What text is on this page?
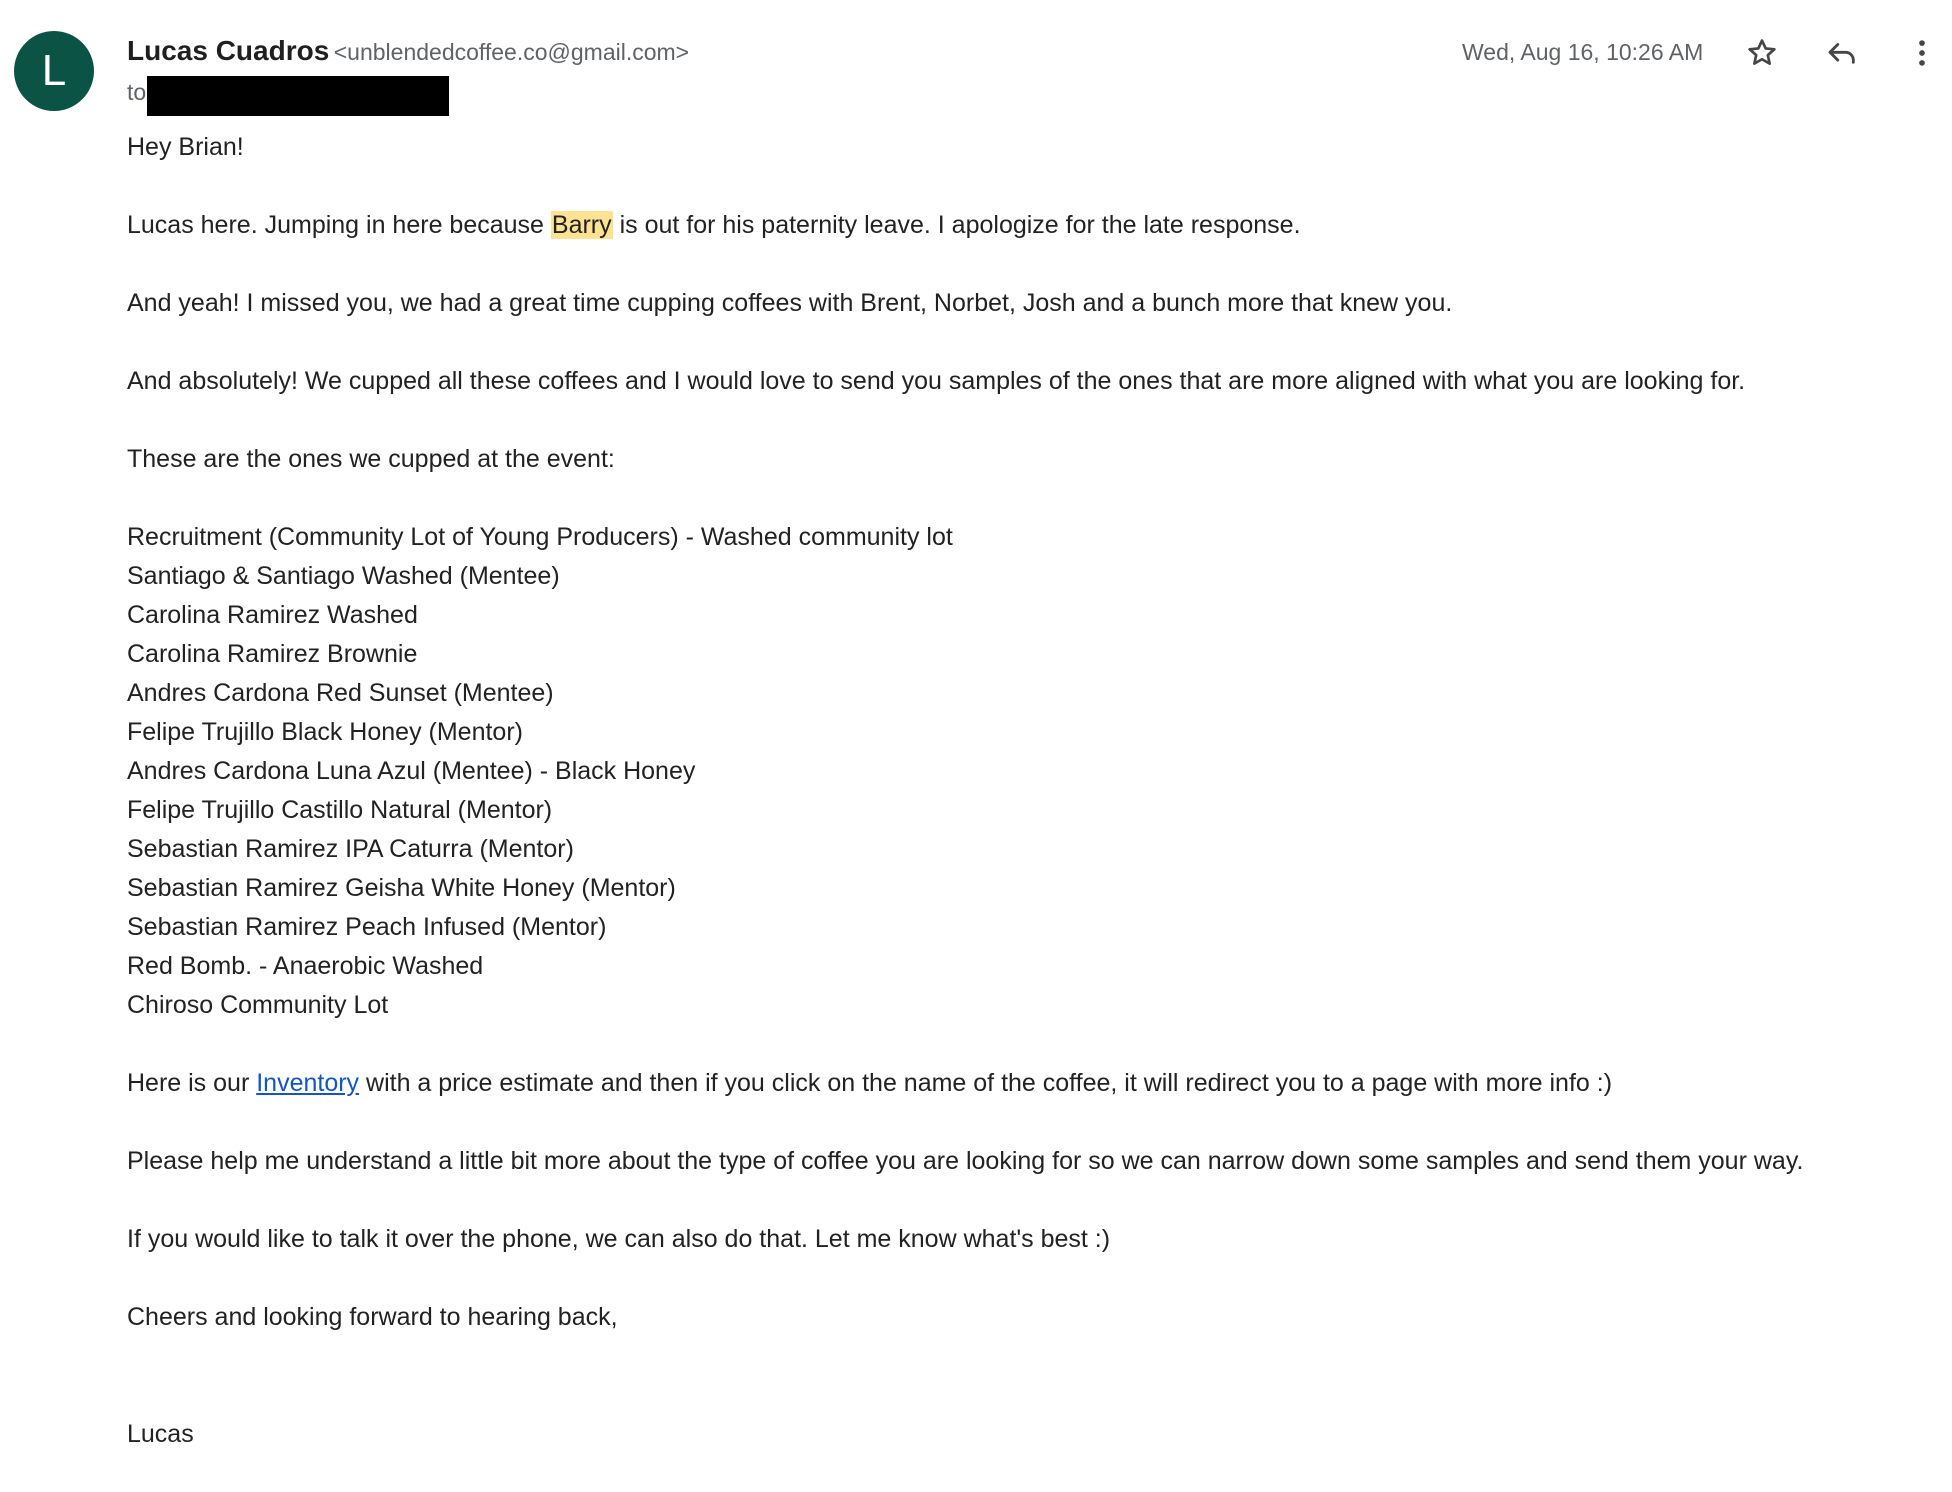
L	Lucas Cuadros <unblendedcoffee.co@gmail.com>
to
Wed, Aug 16, 10:26 AM

Hey Brian!

Lucas here. Jumping in here because Barry is out for his paternity leave. I apologize for the late response.

And yeah! I missed you, we had a great time cupping coffees with Brent, Norbet, Josh and a bunch more that knew you.

And absolutely! We cupped all these coffees and I would love to send you samples of the ones that are more aligned with what you are looking for.

These are the ones we cupped at the event:

Recruitment (Community Lot of Young Producers) - Washed community lot
Santiago & Santiago Washed (Mentee)
Carolina Ramirez Washed
Carolina Ramirez Brownie
Andres Cardona Red Sunset (Mentee)
Felipe Trujillo Black Honey (Mentor)
Andres Cardona Luna Azul (Mentee) - Black Honey
Felipe Trujillo Castillo Natural (Mentor)
Sebastian Ramirez IPA Caturra (Mentor)
Sebastian Ramirez Geisha White Honey (Mentor)
Sebastian Ramirez Peach Infused (Mentor)
Red Bomb. - Anaerobic Washed
Chiroso Community Lot

Here is our Inventory with a price estimate and then if you click on the name of the coffee, it will redirect you to a page with more info :)

Please help me understand a little bit more about the type of coffee you are looking for so we can narrow down some samples and send them your way.

If you would like to talk it over the phone, we can also do that. Let me know what's best :)

Cheers and looking forward to hearing back,

Lucas
